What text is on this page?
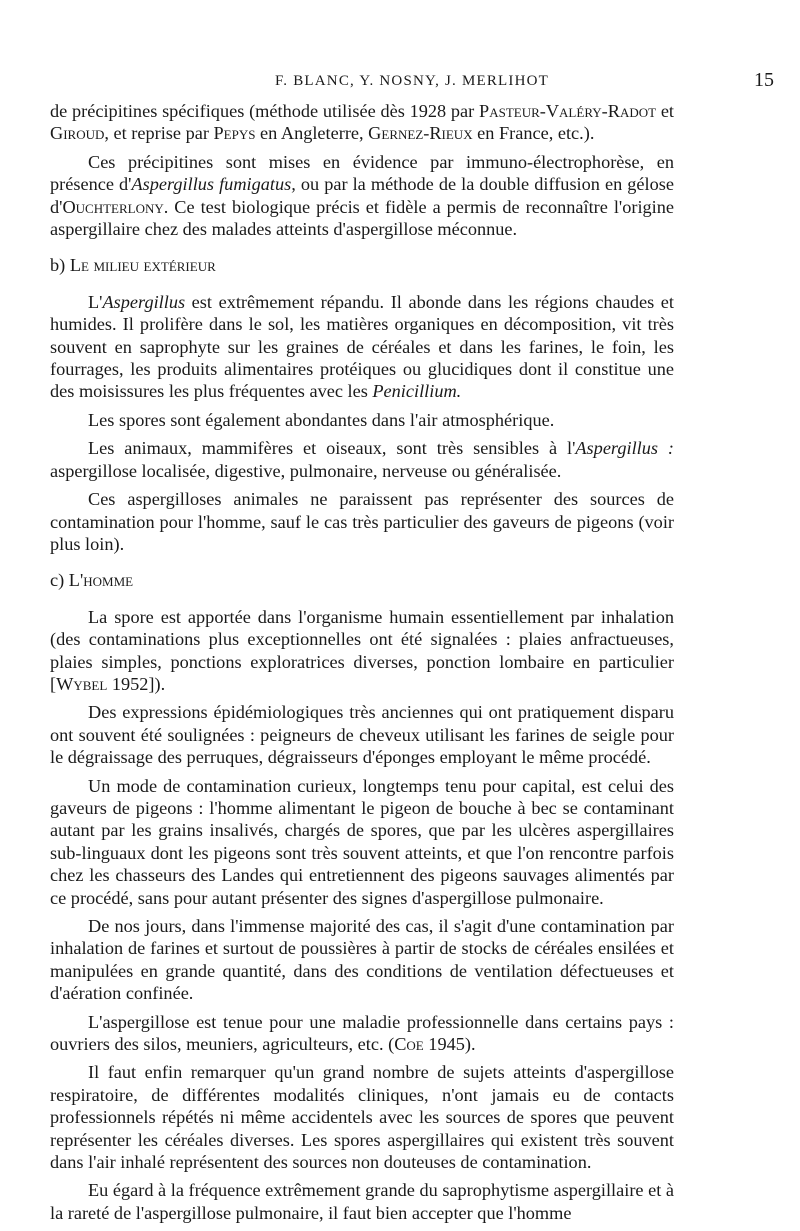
F. BLANC, Y. NOSNY, J. MERLIHOT	15

de précipitines spécifiques (méthode utilisée dès 1928 par Pasteur-Valéry-Radot et Giroud, et reprise par Pepys en Angleterre, Gernez-Rieux en France, etc.).

Ces précipitines sont mises en évidence par immuno-électrophorèse, en présence d'Aspergillus fumigatus, ou par la méthode de la double diffusion en gélose d'Ouchterlony. Ce test biologique précis et fidèle a permis de reconnaître l'origine aspergillaire chez des malades atteints d'aspergillose méconnue.

b) Le milieu extérieur

L'Aspergillus est extrêmement répandu. Il abonde dans les régions chaudes et humides. Il prolifère dans le sol, les matières organiques en décomposition, vit très souvent en saprophyte sur les graines de céréales et dans les farines, le foin, les fourrages, les produits alimentaires protéiques ou glucidiques dont il constitue une des moisissures les plus fréquentes avec les Penicillium.

Les spores sont également abondantes dans l'air atmosphérique.

Les animaux, mammifères et oiseaux, sont très sensibles à l'Aspergillus : aspergillose localisée, digestive, pulmonaire, nerveuse ou généralisée.

Ces aspergilloses animales ne paraissent pas représenter des sources de contamination pour l'homme, sauf le cas très particulier des gaveurs de pigeons (voir plus loin).

c) L'homme

La spore est apportée dans l'organisme humain essentiellement par inhalation (des contaminations plus exceptionnelles ont été signalées : plaies anfractueuses, plaies simples, ponctions exploratrices diverses, ponction lombaire en particulier [Wybel 1952]).

Des expressions épidémiologiques très anciennes qui ont pratiquement disparu ont souvent été soulignées : peigneurs de cheveux utilisant les farines de seigle pour le dégraissage des perruques, dégraisseurs d'éponges employant le même procédé.

Un mode de contamination curieux, longtemps tenu pour capital, est celui des gaveurs de pigeons : l'homme alimentant le pigeon de bouche à bec se contaminant autant par les grains insalivés, chargés de spores, que par les ulcères aspergillaires sub-linguaux dont les pigeons sont très souvent atteints, et que l'on rencontre parfois chez les chasseurs des Landes qui entretiennent des pigeons sauvages alimentés par ce procédé, sans pour autant présenter des signes d'aspergillose pulmonaire.

De nos jours, dans l'immense majorité des cas, il s'agit d'une contamination par inhalation de farines et surtout de poussières à partir de stocks de céréales ensilées et manipulées en grande quantité, dans des conditions de ventilation défectueuses et d'aération confinée.

L'aspergillose est tenue pour une maladie professionnelle dans certains pays : ouvriers des silos, meuniers, agriculteurs, etc. (Coe 1945).

Il faut enfin remarquer qu'un grand nombre de sujets atteints d'aspergillose respiratoire, de différentes modalités cliniques, n'ont jamais eu de contacts professionnels répétés ni même accidentels avec les sources de spores que peuvent représenter les céréales diverses. Les spores aspergillaires qui existent très souvent dans l'air inhalé représentent des sources non douteuses de contamination.

Eu égard à la fréquence extrêmement grande du saprophytisme aspergillaire et à la rareté de l'aspergillose pulmonaire, il faut bien accepter que l'homme
